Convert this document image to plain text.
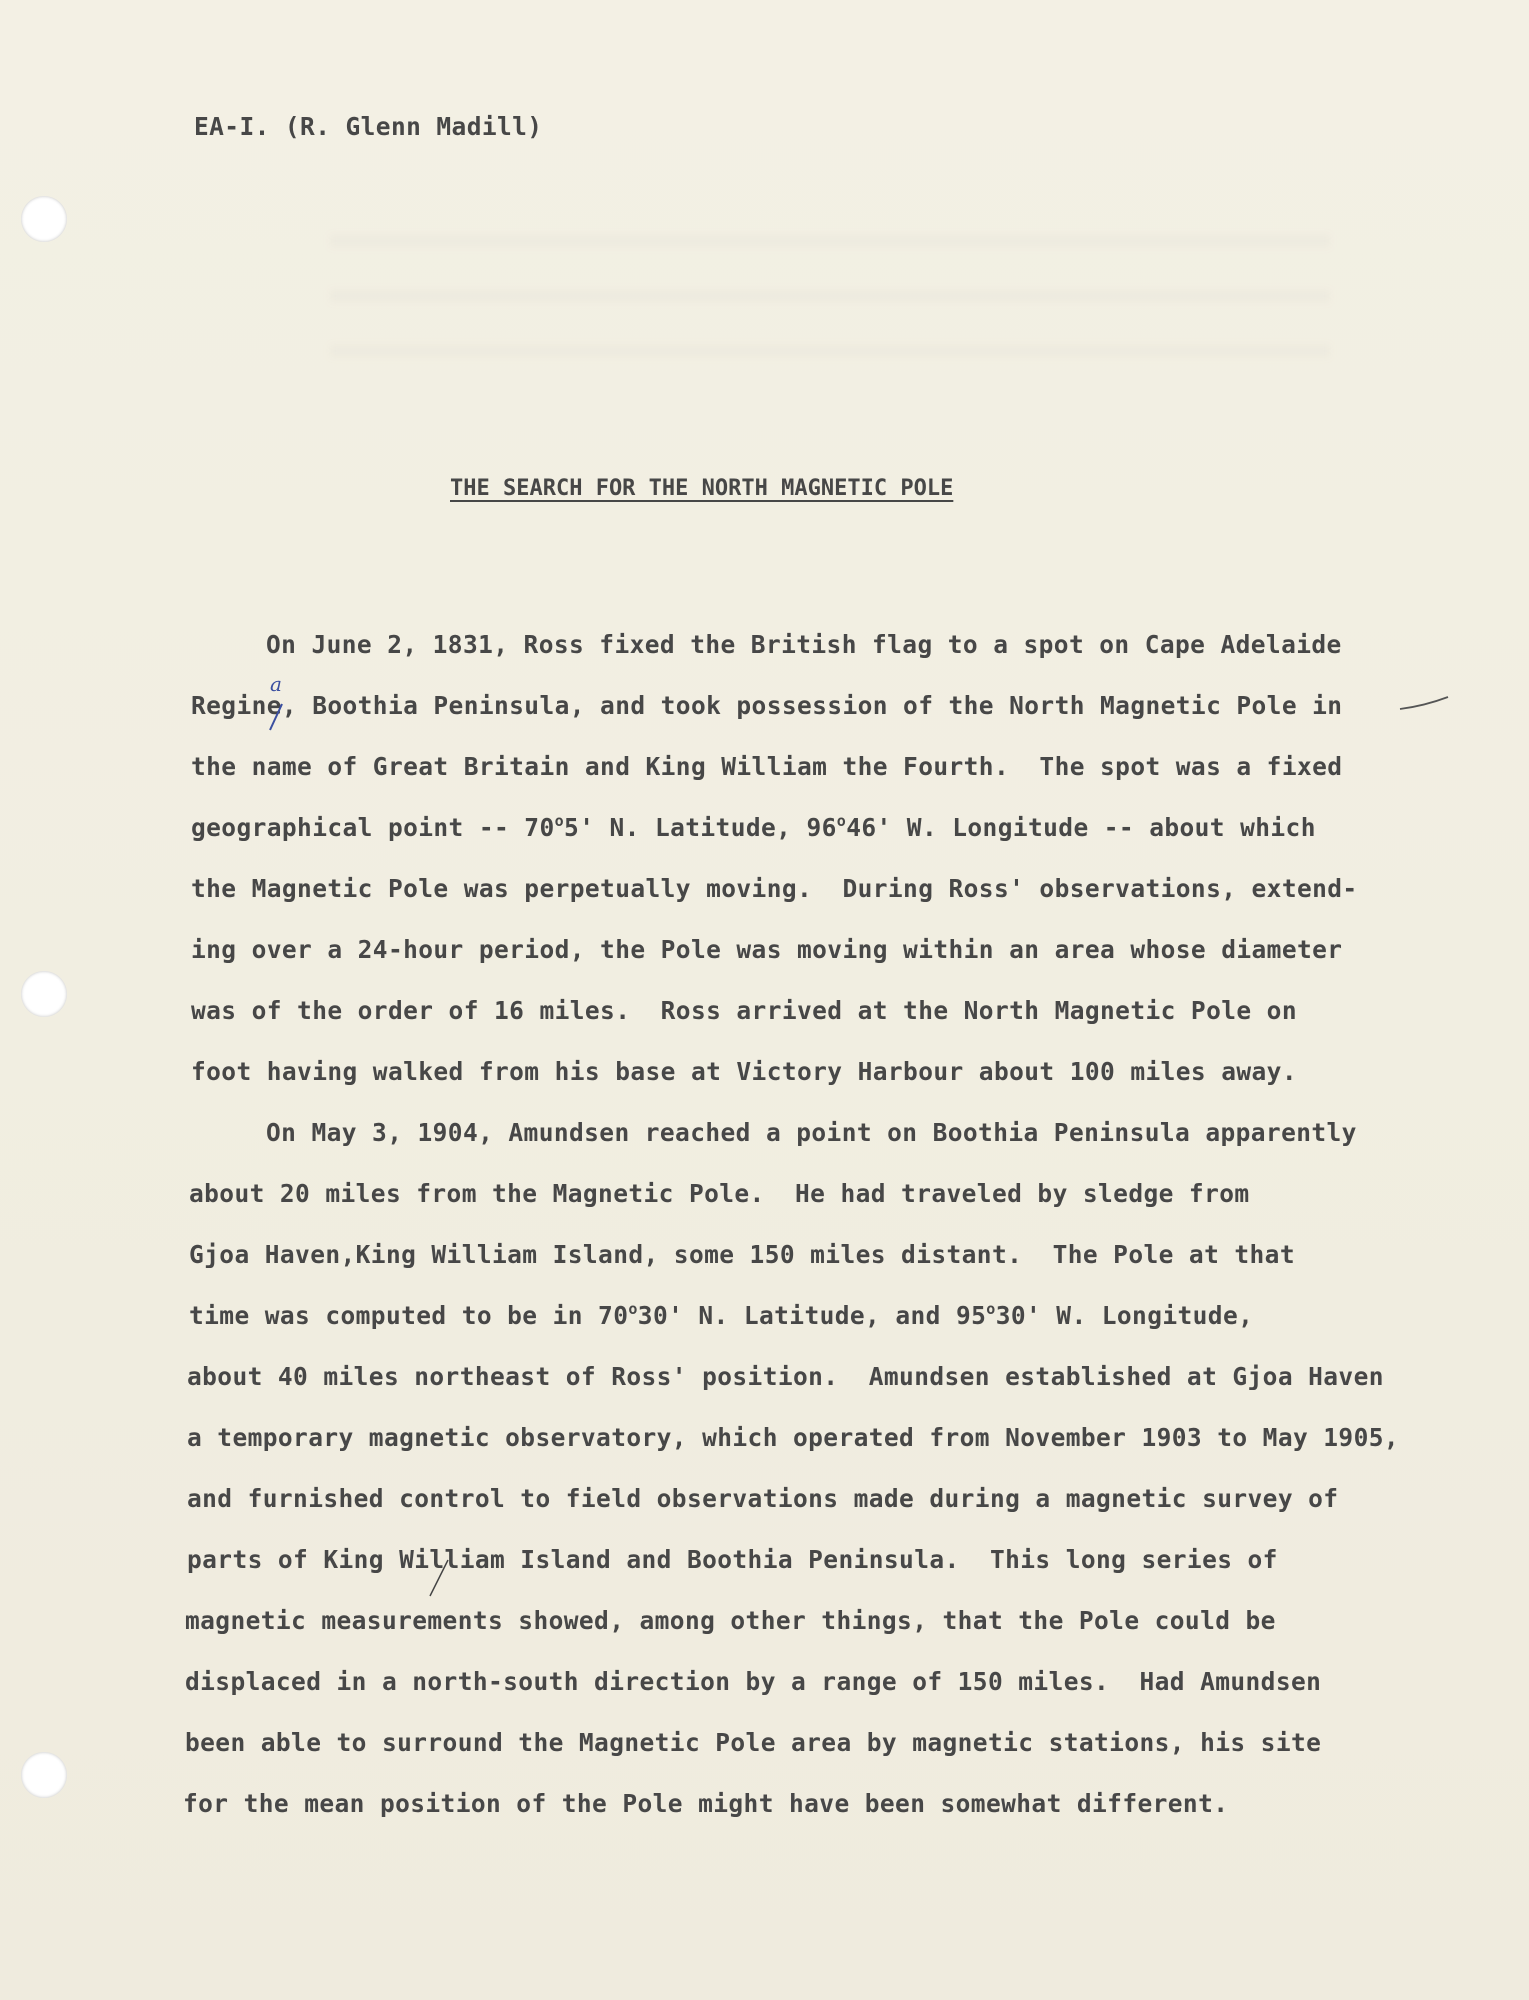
EA-I. (R. Glenn Madill)
THE SEARCH FOR THE NORTH MAGNETIC POLE
On June 2, 1831, Ross fixed the British flag to a spot on Cape Adelaide
Regine, Boothia Peninsula, and took possession of the North Magnetic Pole in
the name of Great Britain and King William the Fourth.  The spot was a fixed
geographical point -- 70$^o$5' N. Latitude, 96$^o$46' W. Longitude -- about which
the Magnetic Pole was perpetually moving.  During Ross' observations, extend-
ing over a 24-hour period, the Pole was moving within an area whose diameter
was of the order of 16 miles.  Ross arrived at the North Magnetic Pole on
foot having walked from his base at Victory Harbour about 100 miles away.
On May 3, 1904, Amundsen reached a point on Boothia Peninsula apparently
about 20 miles from the Magnetic Pole.  He had traveled by sledge from
Gjoa Haven,King William Island, some 150 miles distant.  The Pole at that
time was computed to be in 70$^o$30' N. Latitude, and 95$^o$30' W. Longitude,
about 40 miles northeast of Ross' position.  Amundsen established at Gjoa Haven
a temporary magnetic observatory, which operated from November 1903 to May 1905,
and furnished control to field observations made during a magnetic survey of
parts of King William Island and Boothia Peninsula.  This long series of
magnetic measurements showed, among other things, that the Pole could be
displaced in a north-south direction by a range of 150 miles.  Had Amundsen
been able to surround the Magnetic Pole area by magnetic stations, his site
for the mean position of the Pole might have been somewhat different.
a
